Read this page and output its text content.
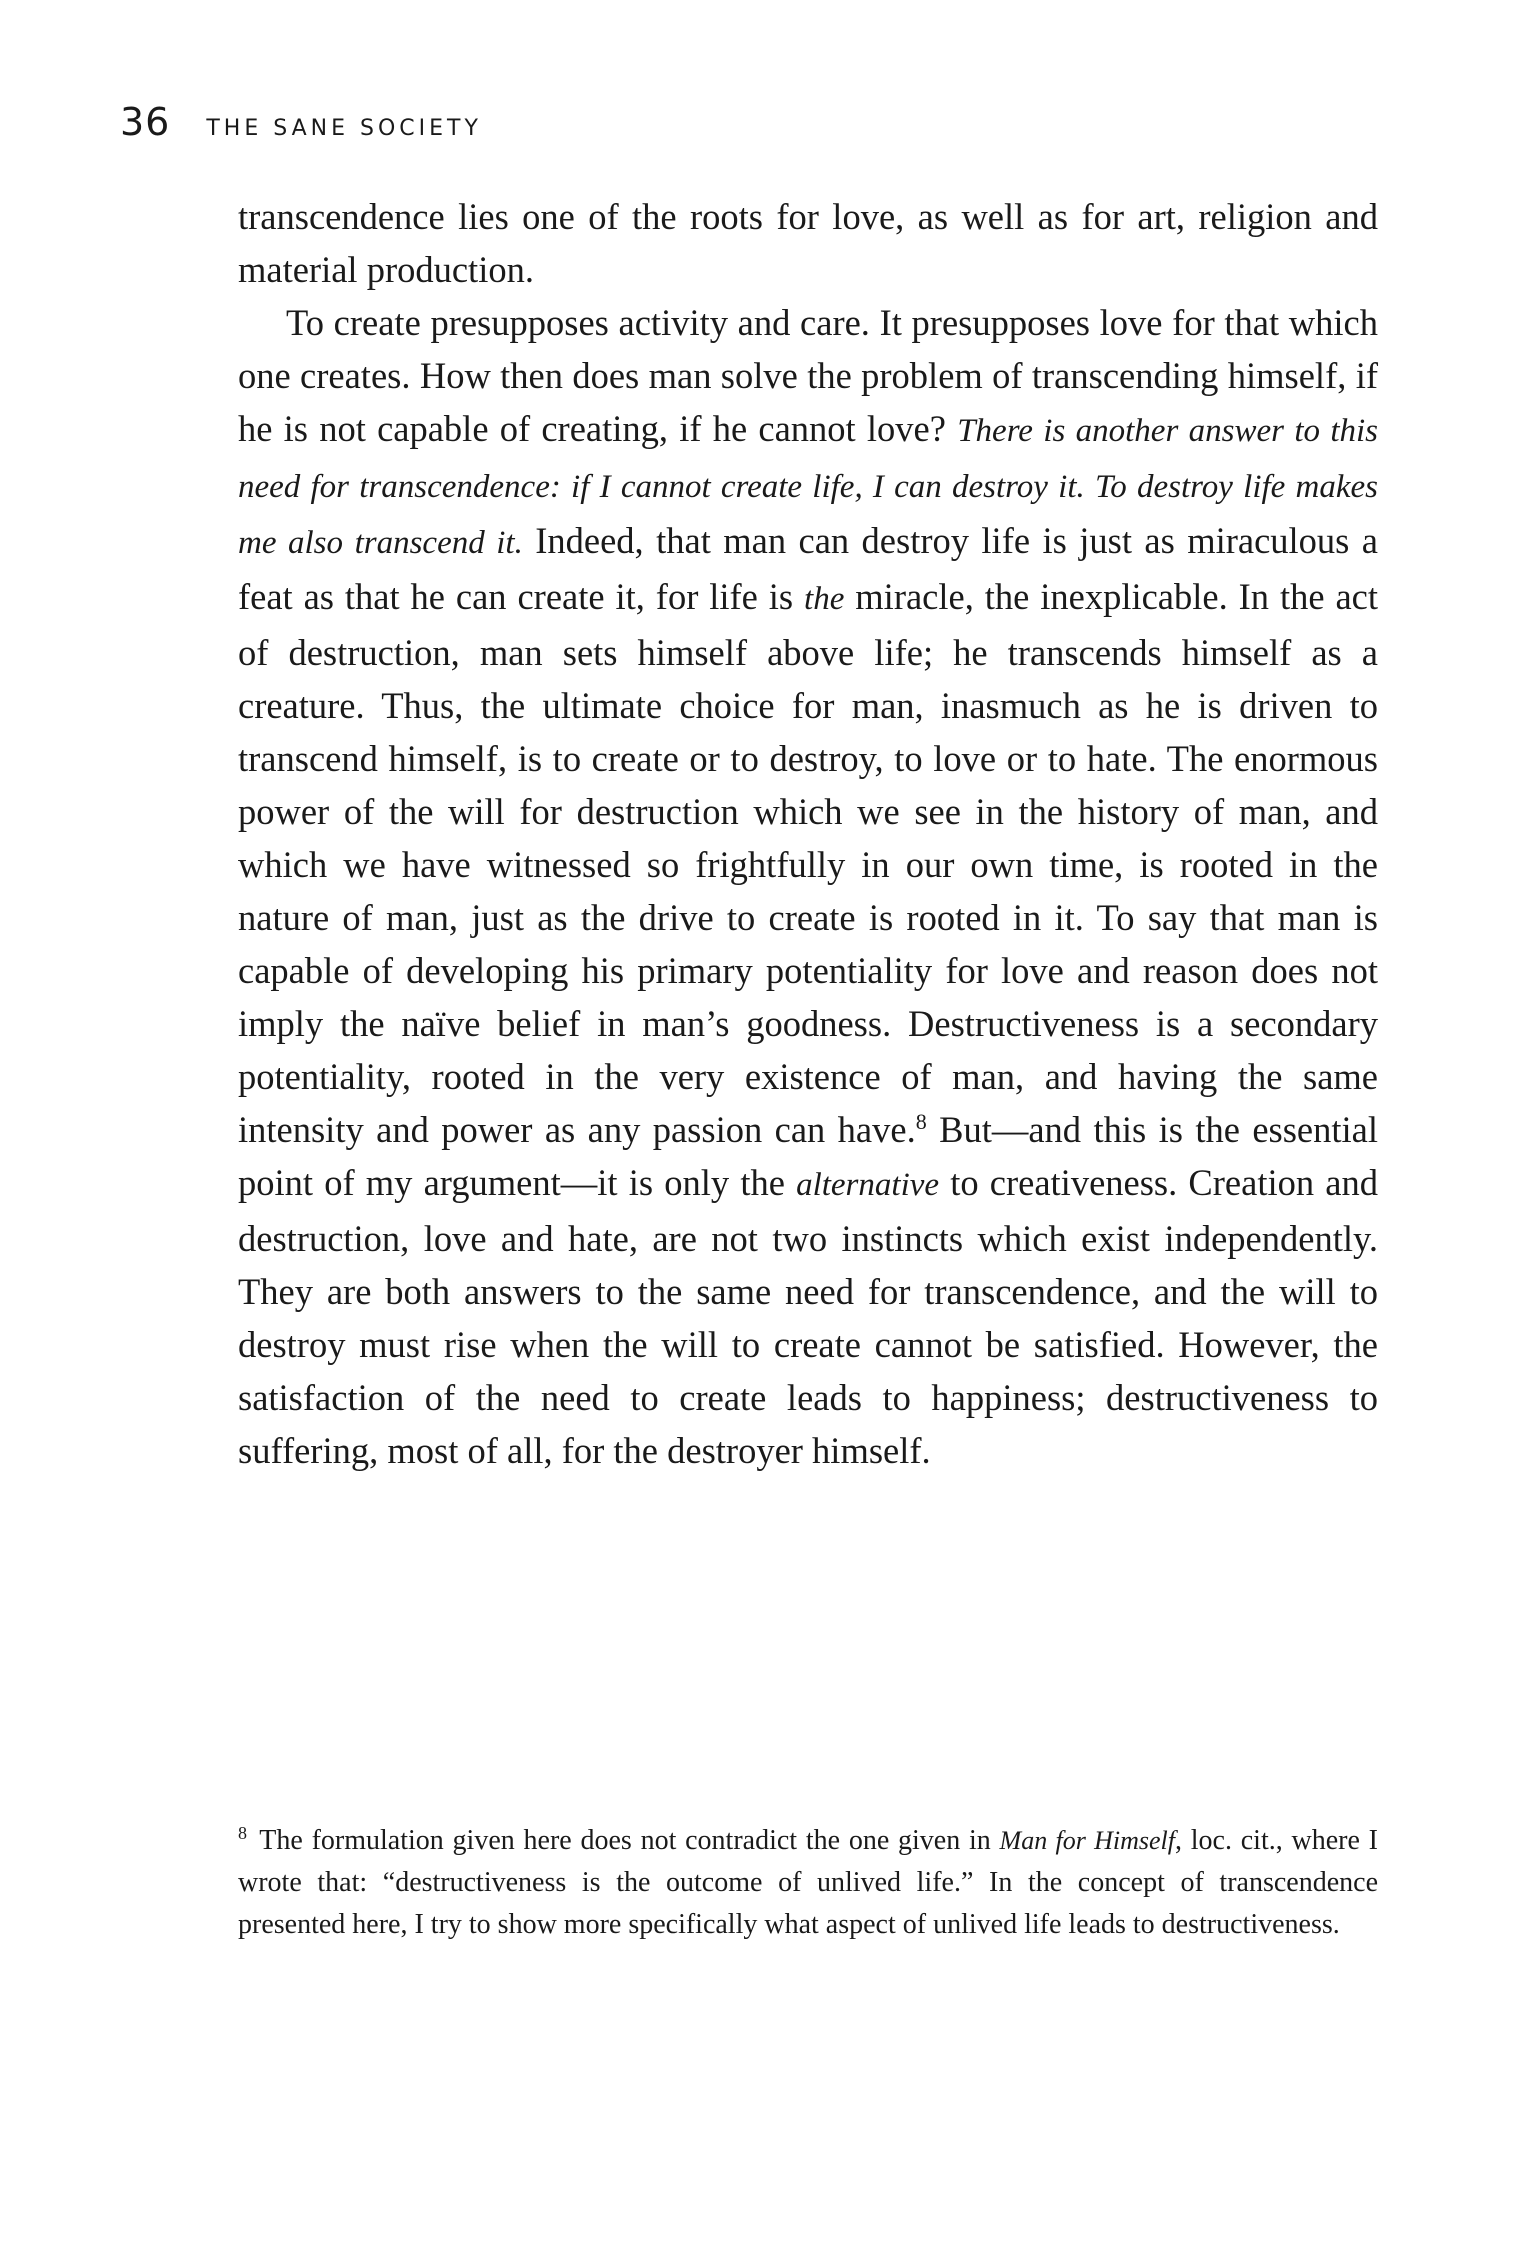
36 THE SANE SOCIETY

transcendence lies one of the roots for love, as well as for art, religion and material production.

To create presupposes activity and care. It presupposes love for that which one creates. How then does man solve the problem of transcending himself, if he is not capable of creating, if he cannot love? There is another answer to this need for transcendence: if I cannot create life, I can destroy it. To destroy life makes me also transcend it. Indeed, that man can destroy life is just as miraculous a feat as that he can create it, for life is the miracle, the inexplicable. In the act of destruction, man sets himself above life; he transcends himself as a creature. Thus, the ultimate choice for man, inasmuch as he is driven to transcend himself, is to create or to destroy, to love or to hate. The enormous power of the will for destruction which we see in the history of man, and which we have witnessed so frightfully in our own time, is rooted in the nature of man, just as the drive to create is rooted in it. To say that man is capable of developing his primary potentiality for love and reason does not imply the naïve belief in man’s goodness. Destructiveness is a secondary potentiality, rooted in the very existence of man, and having the same intensity and power as any passion can have.$^8$ But—and this is the essential point of my argument—it is only the alternative to creativeness. Creation and destruction, love and hate, are not two instincts which exist independently. They are both answers to the same need for transcendence, and the will to destroy must rise when the will to create cannot be satisfied. However, the satisfaction of the need to create leads to happiness; destructiveness to suffering, most of all, for the destroyer himself.

$^8$ The formulation given here does not contradict the one given in Man for Himself, loc. cit., where I wrote that: “destructiveness is the outcome of unlived life.” In the concept of transcendence presented here, I try to show more specifically what aspect of unlived life leads to destructiveness.
